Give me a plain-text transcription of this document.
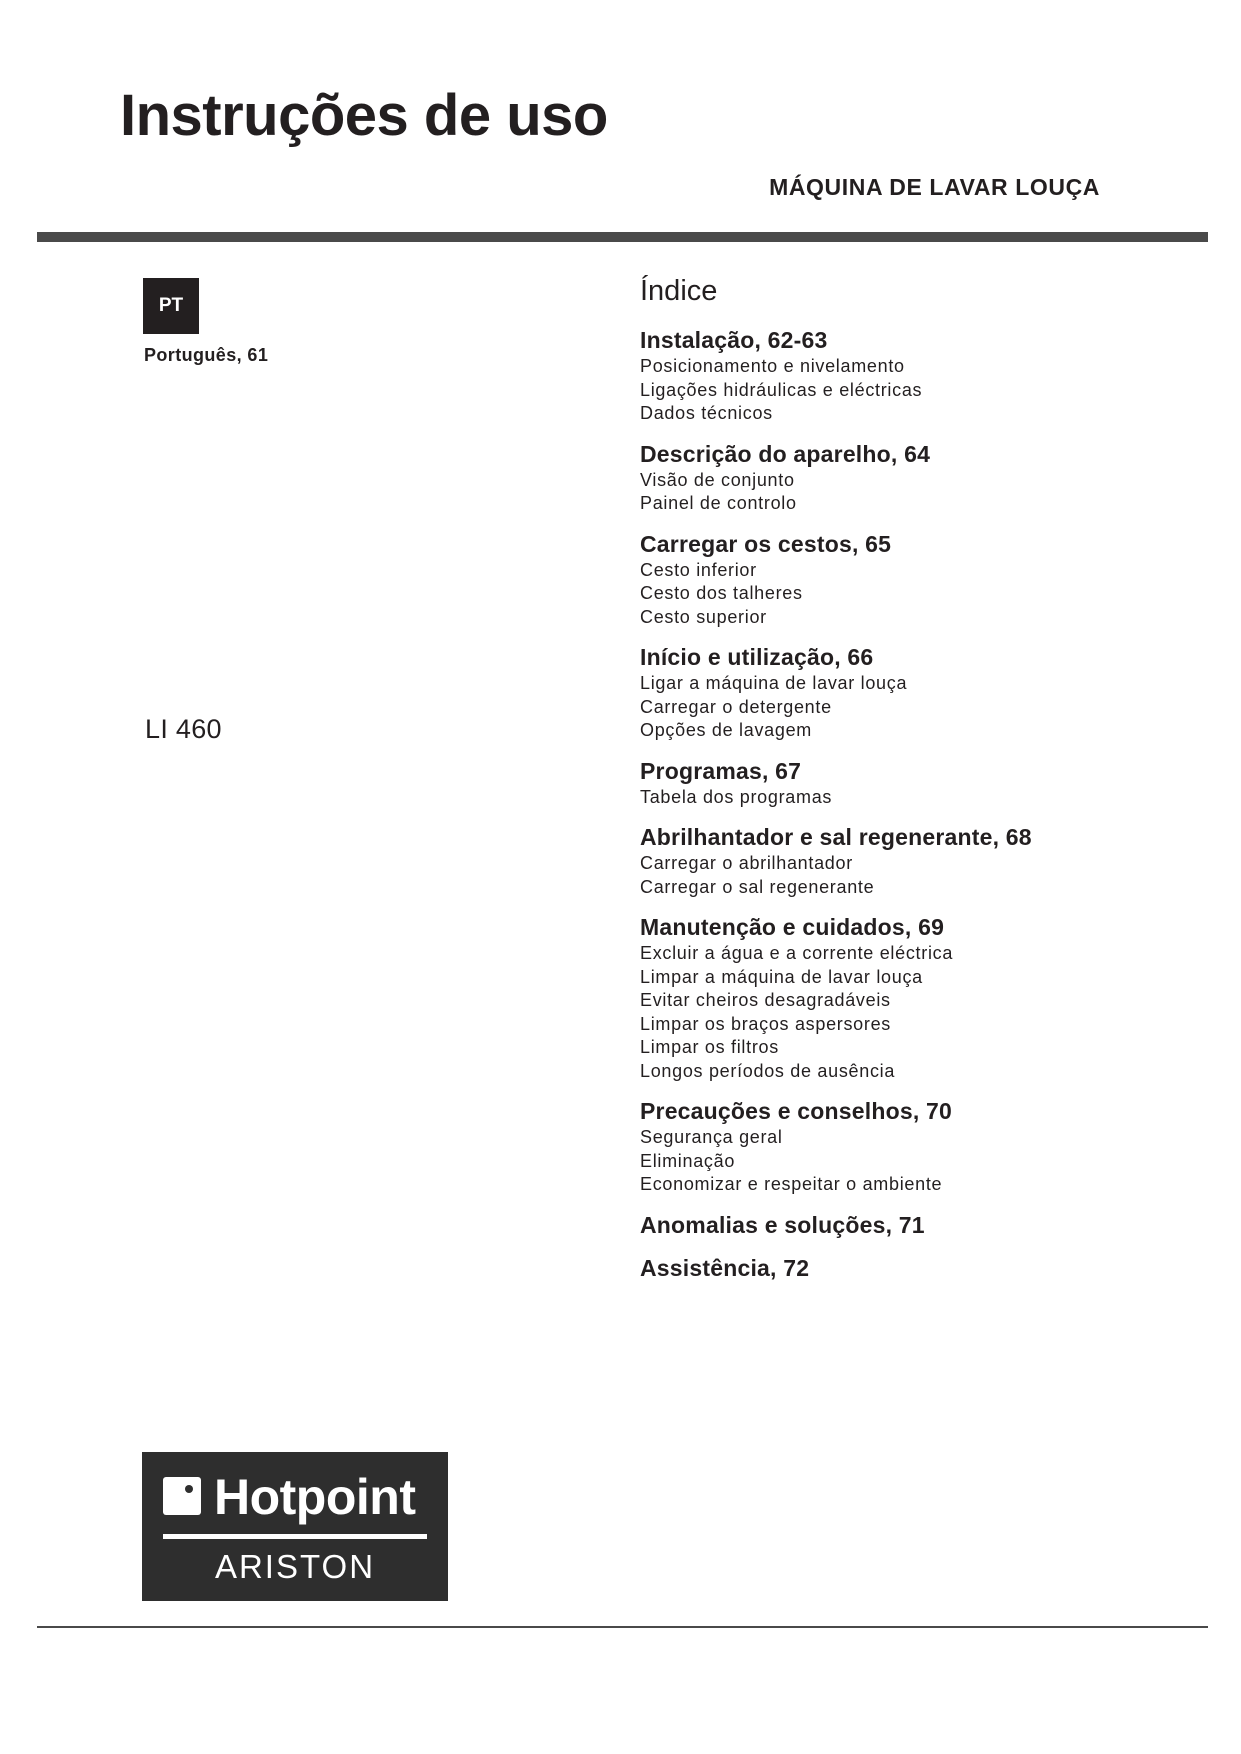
Instruções de uso
MÁQUINA DE LAVAR LOUÇA
PT
Português, 61
LI 460
Índice
Instalação, 62-63
Posicionamento e nivelamento
Ligações hidráulicas e eléctricas
Dados técnicos
Descrição do aparelho, 64
Visão de conjunto
Painel de controlo
Carregar os cestos, 65
Cesto inferior
Cesto dos talheres
Cesto superior
Início e utilização, 66
Ligar a máquina de lavar louça
Carregar o detergente
Opções de lavagem
Programas, 67
Tabela dos programas
Abrilhantador e sal regenerante, 68
Carregar o abrilhantador
Carregar o sal regenerante
Manutenção e cuidados, 69
Excluir a água e a corrente eléctrica
Limpar a máquina de lavar louça
Evitar cheiros desagradáveis
Limpar os braços aspersores
Limpar os filtros
Longos períodos de ausência
Precauções e conselhos, 70
Segurança geral
Eliminação
Economizar e respeitar o ambiente
Anomalias e soluções, 71
Assistência, 72
Hotpoint
ARISTON
